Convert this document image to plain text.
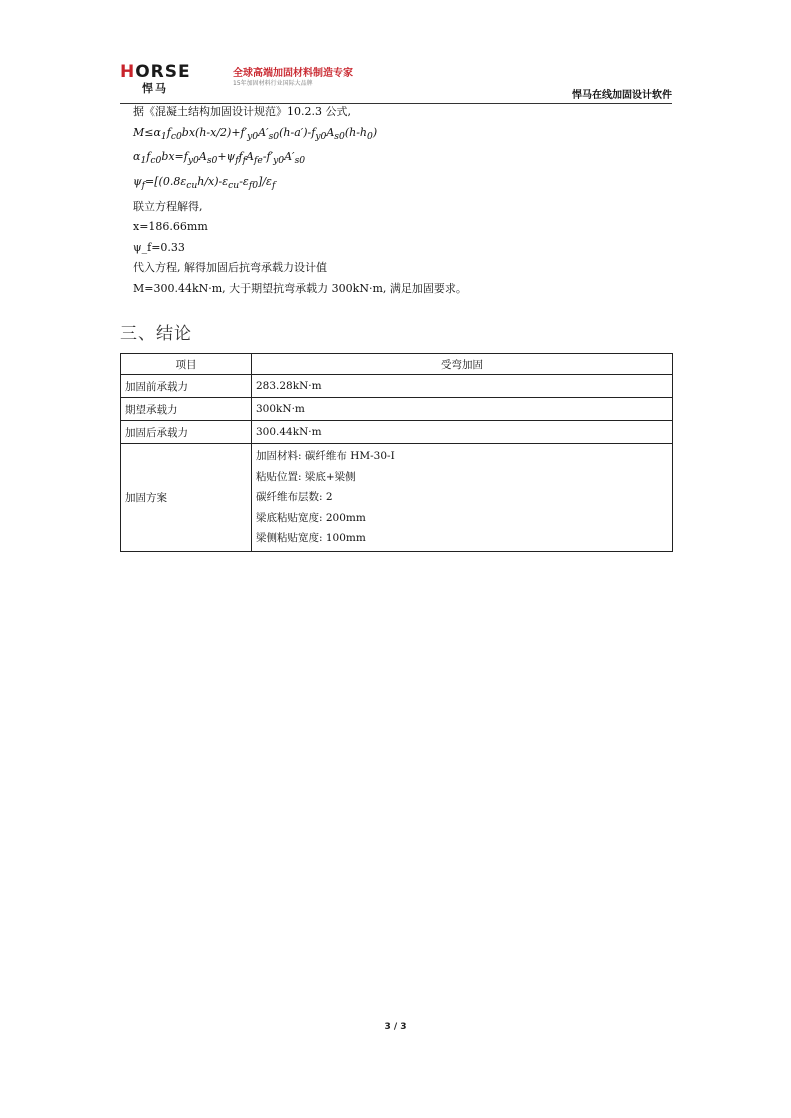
HORSE
悍马
全球高端加固材料制造专家
15年加固材料行业国际大品牌
悍马在线加固设计软件
据《混凝土结构加固设计规范》10.2.3 公式,
$M\le\alpha_1f_{c0}bx(h-x/2)+f'_{y0}A'_{s0}(h-a')-f_{y0}A_{s0}(h-h_0)$
$\alpha_1f_{c0}bx=f_{y0}A_{s0}+\psi_ff_fA_{fe}-f'_{y0}A'_{s0}$
$\psi_f=[(0.8\varepsilon_{cu}h/x)-\varepsilon_{cu}-\varepsilon_{f0}]/\varepsilon_f$
联立方程解得,
x=186.66mm
ψ_f=0.33
代入方程, 解得加固后抗弯承载力设计值
M=300.44kN·m, 大于期望抗弯承载力 300kN·m, 满足加固要求。
三、结论
项目	受弯加固
加固前承载力	283.28kN·m
期望承载力	300kN·m
加固后承载力	300.44kN·m
加固方案	加固材料: 碳纤维布 HM-30-I
粘贴位置: 梁底+梁侧
碳纤维布层数: 2
梁底粘贴宽度: 200mm
梁侧粘贴宽度: 100mm
3 / 3
